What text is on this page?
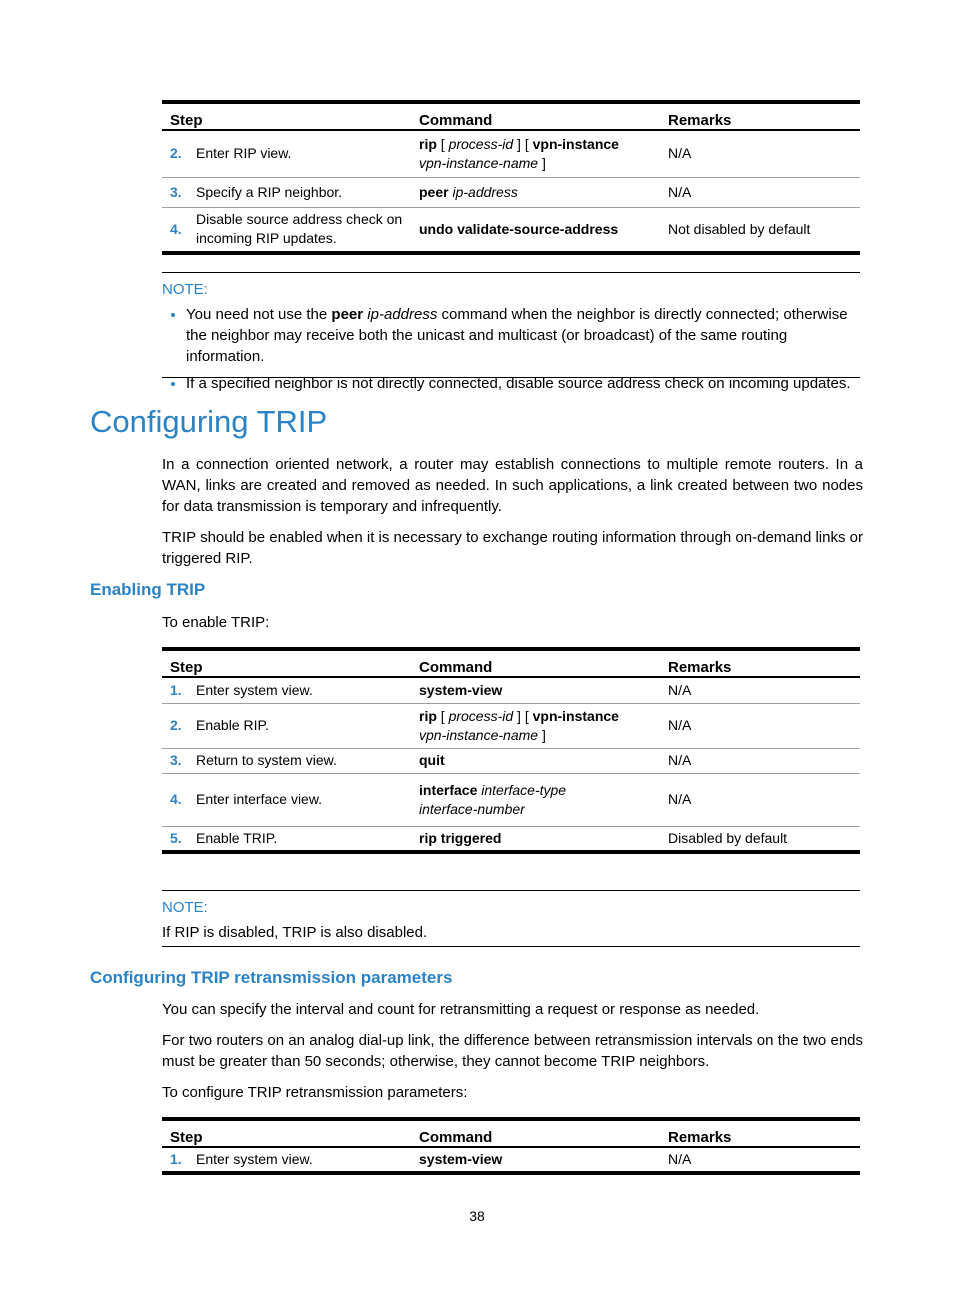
Step		Command	Remarks
2.	Enter RIP view.	rip [ process-id ] [ vpn-instance
vpn-instance-name ]	N/A
3.	Specify a RIP neighbor.	peer ip-address	N/A
4.	Disable source address check on incoming RIP updates.	undo validate-source-address	Not disabled by default
NOTE:
• You need not use the peer ip-address command when the neighbor is directly connected; otherwise the neighbor may receive both the unicast and multicast (or broadcast) of the same routing information.
• If a specified neighbor is not directly connected, disable source address check on incoming updates.
Configuring TRIP

In a connection oriented network, a router may establish connections to multiple remote routers. In a WAN, links are created and removed as needed. In such applications, a link created between two nodes for data transmission is temporary and infrequently.

TRIP should be enabled when it is necessary to exchange routing information through on-demand links or triggered RIP.

Enabling TRIP

To enable TRIP:

Step		Command	Remarks
1.	Enter system view.	system-view	N/A
2.	Enable RIP.	rip [ process-id ] [ vpn-instance
vpn-instance-name ]	N/A
3.	Return to system view.	quit	N/A
4.	Enter interface view.	interface interface-type
interface-number	N/A
5.	Enable TRIP.	rip triggered	Disabled by default
NOTE:

If RIP is disabled, TRIP is also disabled.

Configuring TRIP retransmission parameters

You can specify the interval and count for retransmitting a request or response as needed.

For two routers on an analog dial-up link, the difference between retransmission intervals on the two ends must be greater than 50 seconds; otherwise, they cannot become TRIP neighbors.

To configure TRIP retransmission parameters:

Step		Command	Remarks
1.	Enter system view.	system-view	N/A
38
